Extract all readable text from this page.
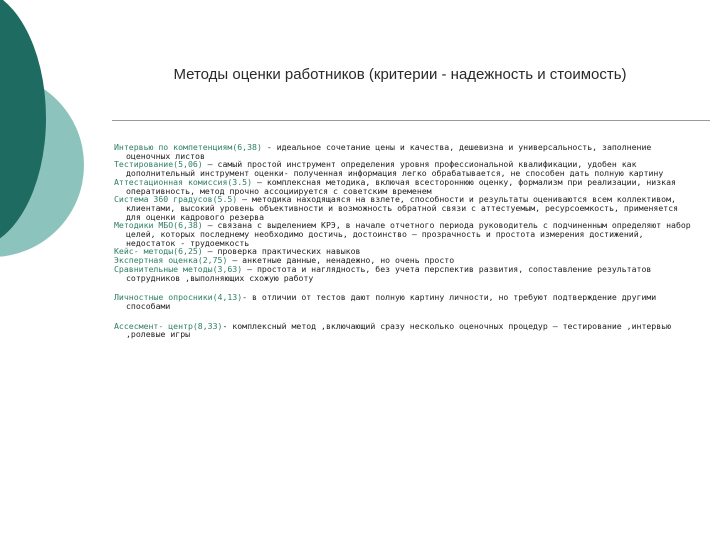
Методы оценки работников (критерии - надежность и стоимость)

Интервью по компетенциям(6,38) - идеальное сочетание цены и качества, дешевизна и универсальность, заполнение оценочных листов

Тестирование(5,06) – самый простой инструмент определения уровня профессиональной квалификации, удобен как дополнительный инструмент оценки- полученная информация легко обрабатывается, не способен дать полную картину

Аттестационная комиссия(3.5) – комплексная методика, включая всестороннюю оценку, формализм при реализации, низкая оперативность, метод прочно ассоциируется с советским временем

Система 360 градусов(5.5) – методика находящаяся на взлете, способности и результаты оцениваются всем коллективом, клиентами, высокий уровень объективности и возможность обратной связи с аттестуемым, ресурсоемкость, применяется для оценки кадрового резерва

Методики МБО(6,38) – связана с выделением КРЭ, в начале отчетного периода руководитель с подчиненным определяют набор целей, которых последнему необходимо достичь, достоинство – прозрачность и простота измерения достижений, недостаток - трудоемкость

Кейс- методы(6,25) – проверка практических навыков

Экспертная оценка(2,75) – анкетные данные, ненадежно, но очень просто

Сравнительные методы(3,63) – простота и наглядность, без учета перспектив развития, сопоставление результатов сотрудников ,выполняющих схожую работу

Личностные опросники(4,13)- в отличии от тестов дают полную картину личности, но требуют подтверждение другими способами

Ассесмент- центр(8,33)- комплексный метод ,включающий сразу несколько оценочных процедур – тестирование ,интервью ,ролевые игры
